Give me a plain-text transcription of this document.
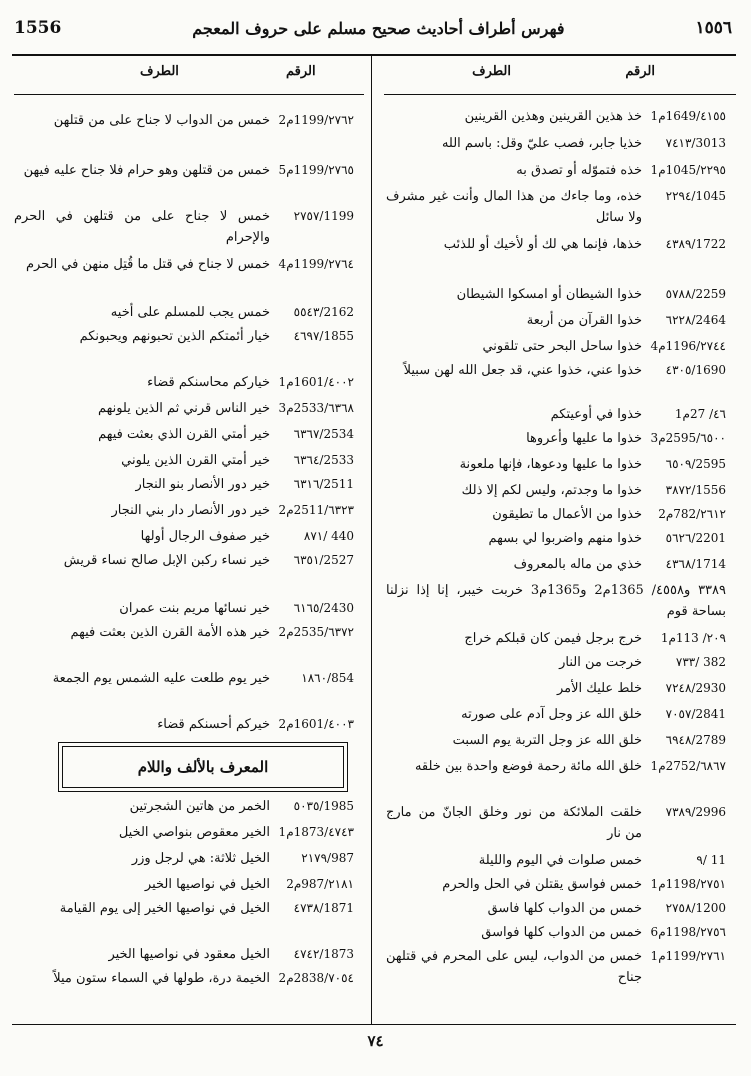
1556	فهرس أطراف أحاديث صحيح مسلم على حروف المعجم	١٥٥٦
الرقم
الطرف
الرقم
الطرف
٤١٥٥/1649م1
خذ هذين القرينين وهذين القرينين
٧٤١٣/3013
خذيا جابر، فصب عليّ وقل: باسم الله
٢٢٩٥/1045م1
خذه فتموّله أو تصدق به
٢٢٩٤/1045
خذه، وما جاءك من هذا المال وأنت غير مشرف ولا سائل
٤٣٨٩/1722
خذها، فإنما هي لك أو لأخيك أو للذئب
٥٧٨٨/2259
خذوا الشيطان أو امسكوا الشيطان
٦٢٢٨/2464
خذوا القرآن من أربعة
٢٧٤٤/1196م4
خذوا ساحل البحر حتى تلقوني
٤٣٠٥/1690
خذوا عني، خذوا عني، قد جعل الله لهن سبيلاً
٤٦/ 27م1
خذوا في أوعيتكم
٦٥٠٠/2595م3
خذوا ما عليها وأعروها
٦٥٠٩/2595
خذوا ما عليها ودعوها، فإنها ملعونة
٣٨٧٢/1556
خذوا ما وجدتم، وليس لكم إلا ذلك
٢٦١٢/782م2
خذوا من الأعمال ما تطيقون
٥٦٢٦/2201
خذوا منهم واضربوا لي بسهم
٤٣٦٨/1714
خذي من ماله بالمعروف
٣٣٨٩ و٤٥٥٨/ 1365م2 و1365م3 خربت خيبر، إنا إذا نزلنا بساحة قوم
٢٠٩/ 113م1
خرج برجل فيمن كان قبلكم خراج
٧٣٣/ 382
خرجت من النار
٧٢٤٨/2930
خلط عليك الأمر
٧٠٥٧/2841
خلق الله عز وجل آدم على صورته
٦٩٤٨/2789
خلق الله عز وجل التربة يوم السبت
٦٨٦٧/2752م1
خلق الله مائة رحمة فوضع واحدة بين خلقه
٧٣٨٩/2996
خلقت الملائكة من نور وخلق الجانّ من مارج من نار
٩/ 11
خمس صلوات في اليوم والليلة
٢٧٥١/1198م1
خمس فواسق يقتلن في الحل والحرم
٢٧٥٨/1200
خمس من الدواب كلها فاسق
٢٧٥٦/1198م6
خمس من الدواب كلها فواسق
٢٧٦١/1199م1
خمس من الدواب، ليس على المحرم في قتلهن جناح
٢٧٦٢/1199م2
خمس من الدواب لا جناح على من قتلهن
٢٧٦٥/1199م5
خمس من قتلهن وهو حرام فلا جناح عليه فيهن
٢٧٥٧/1199
خمس لا جناح على من قتلهن في الحرم والإحرام
٢٧٦٤/1199م4
خمس لا جناح في قتل ما قُتِل منهن في الحرم
٥٥٤٣/2162
خمس يجب للمسلم على أخيه
٤٦٩٧/1855
خيار أئمتكم الذين تحبونهم ويحبونكم
٤٠٠٢/1601م1
خياركم محاسنكم قضاء
٦٣٦٨/2533م3
خير الناس قرني ثم الذين يلونهم
٦٣٦٧/2534
خير أمتي القرن الذي بعثت فيهم
٦٣٦٤/2533
خير أمتي القرن الذين يلوني
٦٣١٦/2511
خير دور الأنصار بنو النجار
٦٣٢٣/2511م2
خير دور الأنصار دار بني النجار
٨٧١/ 440
خير صفوف الرجال أولها
٦٣٥١/2527
خير نساء ركبن الإبل صالح نساء قريش
٦١٦٥/2430
خير نسائها مريم بنت عمران
٦٣٧٢/2535م2
خير هذه الأمة القرن الذين بعثت فيهم
١٨٦٠/854
خير يوم طلعت عليه الشمس يوم الجمعة
٤٠٠٣/1601م2
خيركم أحسنكم قضاء
المعرف بالألف واللام
٥٠٣٥/1985
الخمر من هاتين الشجرتين
٤٧٤٣/1873م1
الخير معقوص بنواصي الخيل
٢١٧٩/987
الخيل ثلاثة: هي لرجل وزر
٢١٨١/987م2
الخيل في نواصيها الخير
٤٧٣٨/1871
الخيل في نواصيها الخير إلى يوم القيامة
٤٧٤٢/1873
الخيل معقود في نواصيها الخير
٧٠٥٤/2838م2
الخيمة درة، طولها في السماء ستون ميلاً
٧٤
